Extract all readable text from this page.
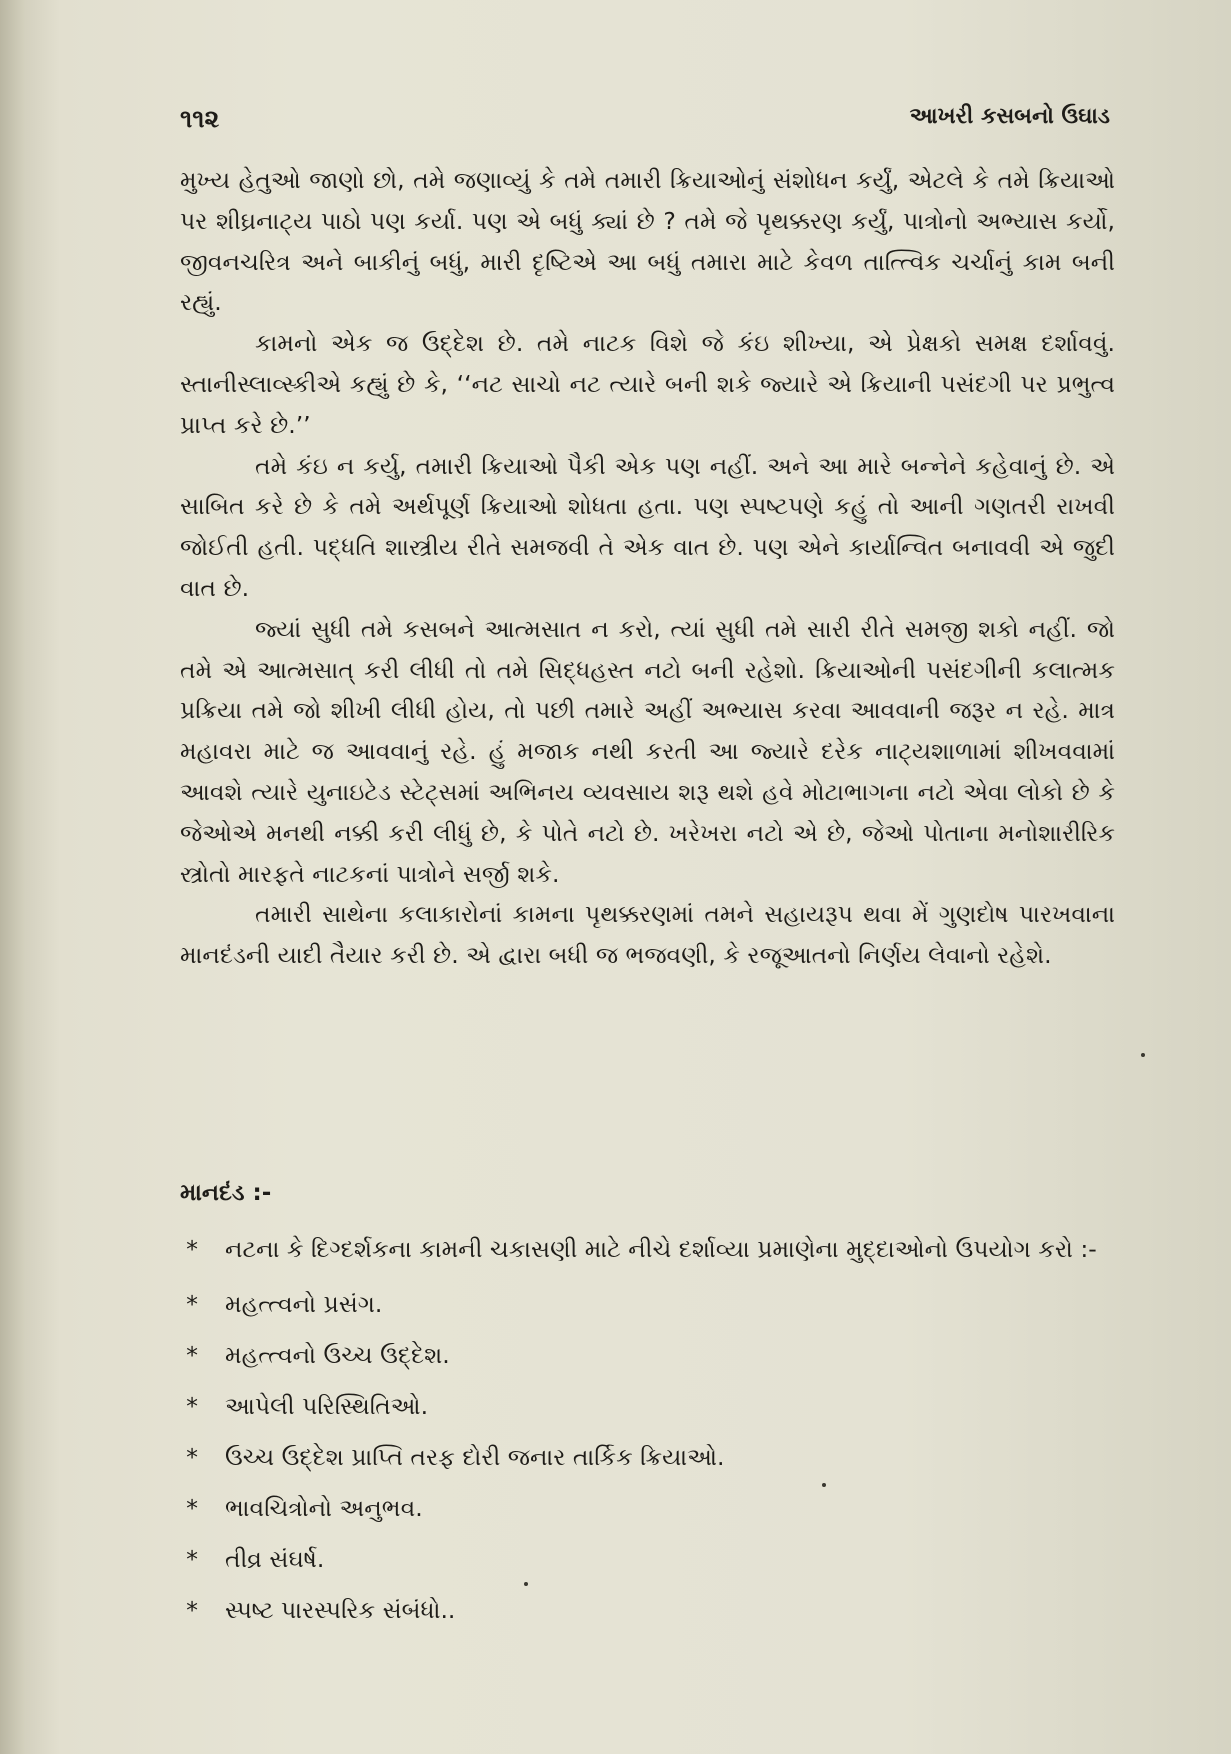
૧૧૨	આખરી કસબનો ઉઘાડ

મુખ્ય હેતુઓ જાણો છો, તમે જણાવ્યું કે તમે તમારી ક્રિયાઓનું સંશોધન કર્યું, એટલે કે તમે ક્રિયાઓ પર શીઘ્રનાટ્ય પાઠો પણ કર્યા. પણ એ બધું ક્યાં છે ? તમે જે પૃથક્કરણ કર્યું, પાત્રોનો અભ્યાસ કર્યો, જીવનચરિત્ર અને બાકીનું બધું, મારી દૃષ્ટિએ આ બધું તમારા માટે કેવળ તાત્ત્વિક ચર્ચાનું કામ બની રહ્યું.

કામનો એક જ ઉદ્દેશ છે. તમે નાટક વિશે જે કંઇ શીખ્યા, એ પ્રેક્ષકો સમક્ષ દર્શાવવું. સ્તાનીસ્લાવ્સ્કીએ કહ્યું છે કે, ‘‘નટ સાચો નટ ત્યારે બની શકે જ્યારે એ ક્રિયાની પસંદગી પર પ્રભુત્વ પ્રાપ્ત કરે છે.’’

તમે કંઇ ન કર્યુ, તમારી ક્રિયાઓ પૈકી એક પણ નહીં. અને આ મારે બન્નેને કહેવાનું છે. એ સાબિત કરે છે કે તમે અર્થપૂર્ણ ક્રિયાઓ શોધતા હતા. પણ સ્પષ્ટપણે કહું તો આની ગણતરી રાખવી જોઈતી હતી. પદ્ધતિ શાસ્ત્રીય રીતે સમજવી તે એક વાત છે. પણ એને કાર્યાન્વિત બનાવવી એ જુદી વાત છે.

જ્યાં સુધી તમે કસબને આત્મસાત ન કરો, ત્યાં સુધી તમે સારી રીતે સમજી શકો નહીં. જો તમે એ આત્મસાત્ કરી લીધી તો તમે સિદ્ધહસ્ત નટો બની રહેશો. ક્રિયાઓની પસંદગીની કલાત્મક પ્રક્રિયા તમે જો શીખી લીધી હોય, તો પછી તમારે અહીં અભ્યાસ કરવા આવવાની જરૂર ન રહે. માત્ર મહાવરા માટે જ આવવાનું રહે. હું મજાક નથી કરતી આ જ્યારે દરેક નાટ્યશાળામાં શીખવવામાં આવશે ત્યારે યુનાઇટેડ સ્ટેટ્સમાં અભિનય વ્યવસાય શરૂ થશે હવે મોટાભાગના નટો એવા લોકો છે કે જેઓએ મનથી નક્કી કરી લીધું છે, કે પોતે નટો છે. ખરેખરા નટો એ છે, જેઓ પોતાના મનોશારીરિક સ્ત્રોતો મારફતે નાટકનાં પાત્રોને સર્જી શકે.

તમારી સાથેના કલાકારોનાં કામના પૃથક્કરણમાં તમને સહાયરૂપ થવા મેં ગુણદોષ પારખવાના માનદંડની યાદી તૈયાર કરી છે. એ દ્વારા બધી જ ભજવણી, કે રજૂઆતનો નિર્ણય લેવાનો રહેશે.

માનદંડ :-
* નટના કે દિગ્દર્શકના કામની ચકાસણી માટે નીચે દર્શાવ્યા પ્રમાણેના મુદ્દાઓનો ઉપયોગ કરો :-
* મહત્ત્વનો પ્રસંગ.
* મહત્ત્વનો ઉચ્ચ ઉદ્દેશ.
* આપેલી પરિસ્થિતિઓ.
* ઉચ્ચ ઉદ્દેશ પ્રાપ્તિ તરફ દોરી જનાર તાર્કિક ક્રિયાઓ.
* ભાવચિત્રોનો અનુભવ.
* તીવ્ર સંઘર્ષ.
* સ્પષ્ટ પારસ્પરિક સંબંધો..
